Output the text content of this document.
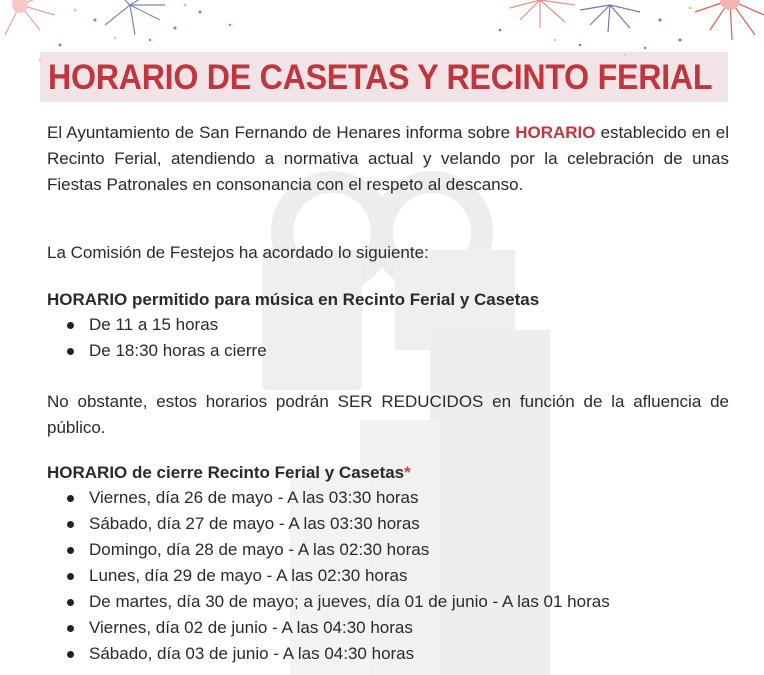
HORARIO DE CASETAS Y RECINTO FERIAL

El Ayuntamiento de San Fernando de Henares informa sobre HORARIO establecido en el Recinto Ferial, atendiendo a normativa actual y velando por la celebración de unas Fiestas Patronales en consonancia con el respeto al descanso.

La Comisión de Festejos ha acordado lo siguiente:

HORARIO permitido para música en Recinto Ferial y Casetas

De 11 a 15 horas
De 18:30 horas a cierre

No obstante, estos horarios podrán SER REDUCIDOS en función de la afluencia de público.

HORARIO de cierre Recinto Ferial y Casetas*

Viernes, día 26 de mayo - A las 03:30 horas
Sábado, día 27 de mayo - A las 03:30 horas
Domingo, día 28 de mayo - A las 02:30 horas
Lunes, día 29 de mayo - A las 02:30 horas
De martes, día 30 de mayo; a jueves, día 01 de junio - A las 01 horas
Viernes, día 02 de junio - A las 04:30 horas
Sábado, día 03 de junio - A las 04:30 horas
